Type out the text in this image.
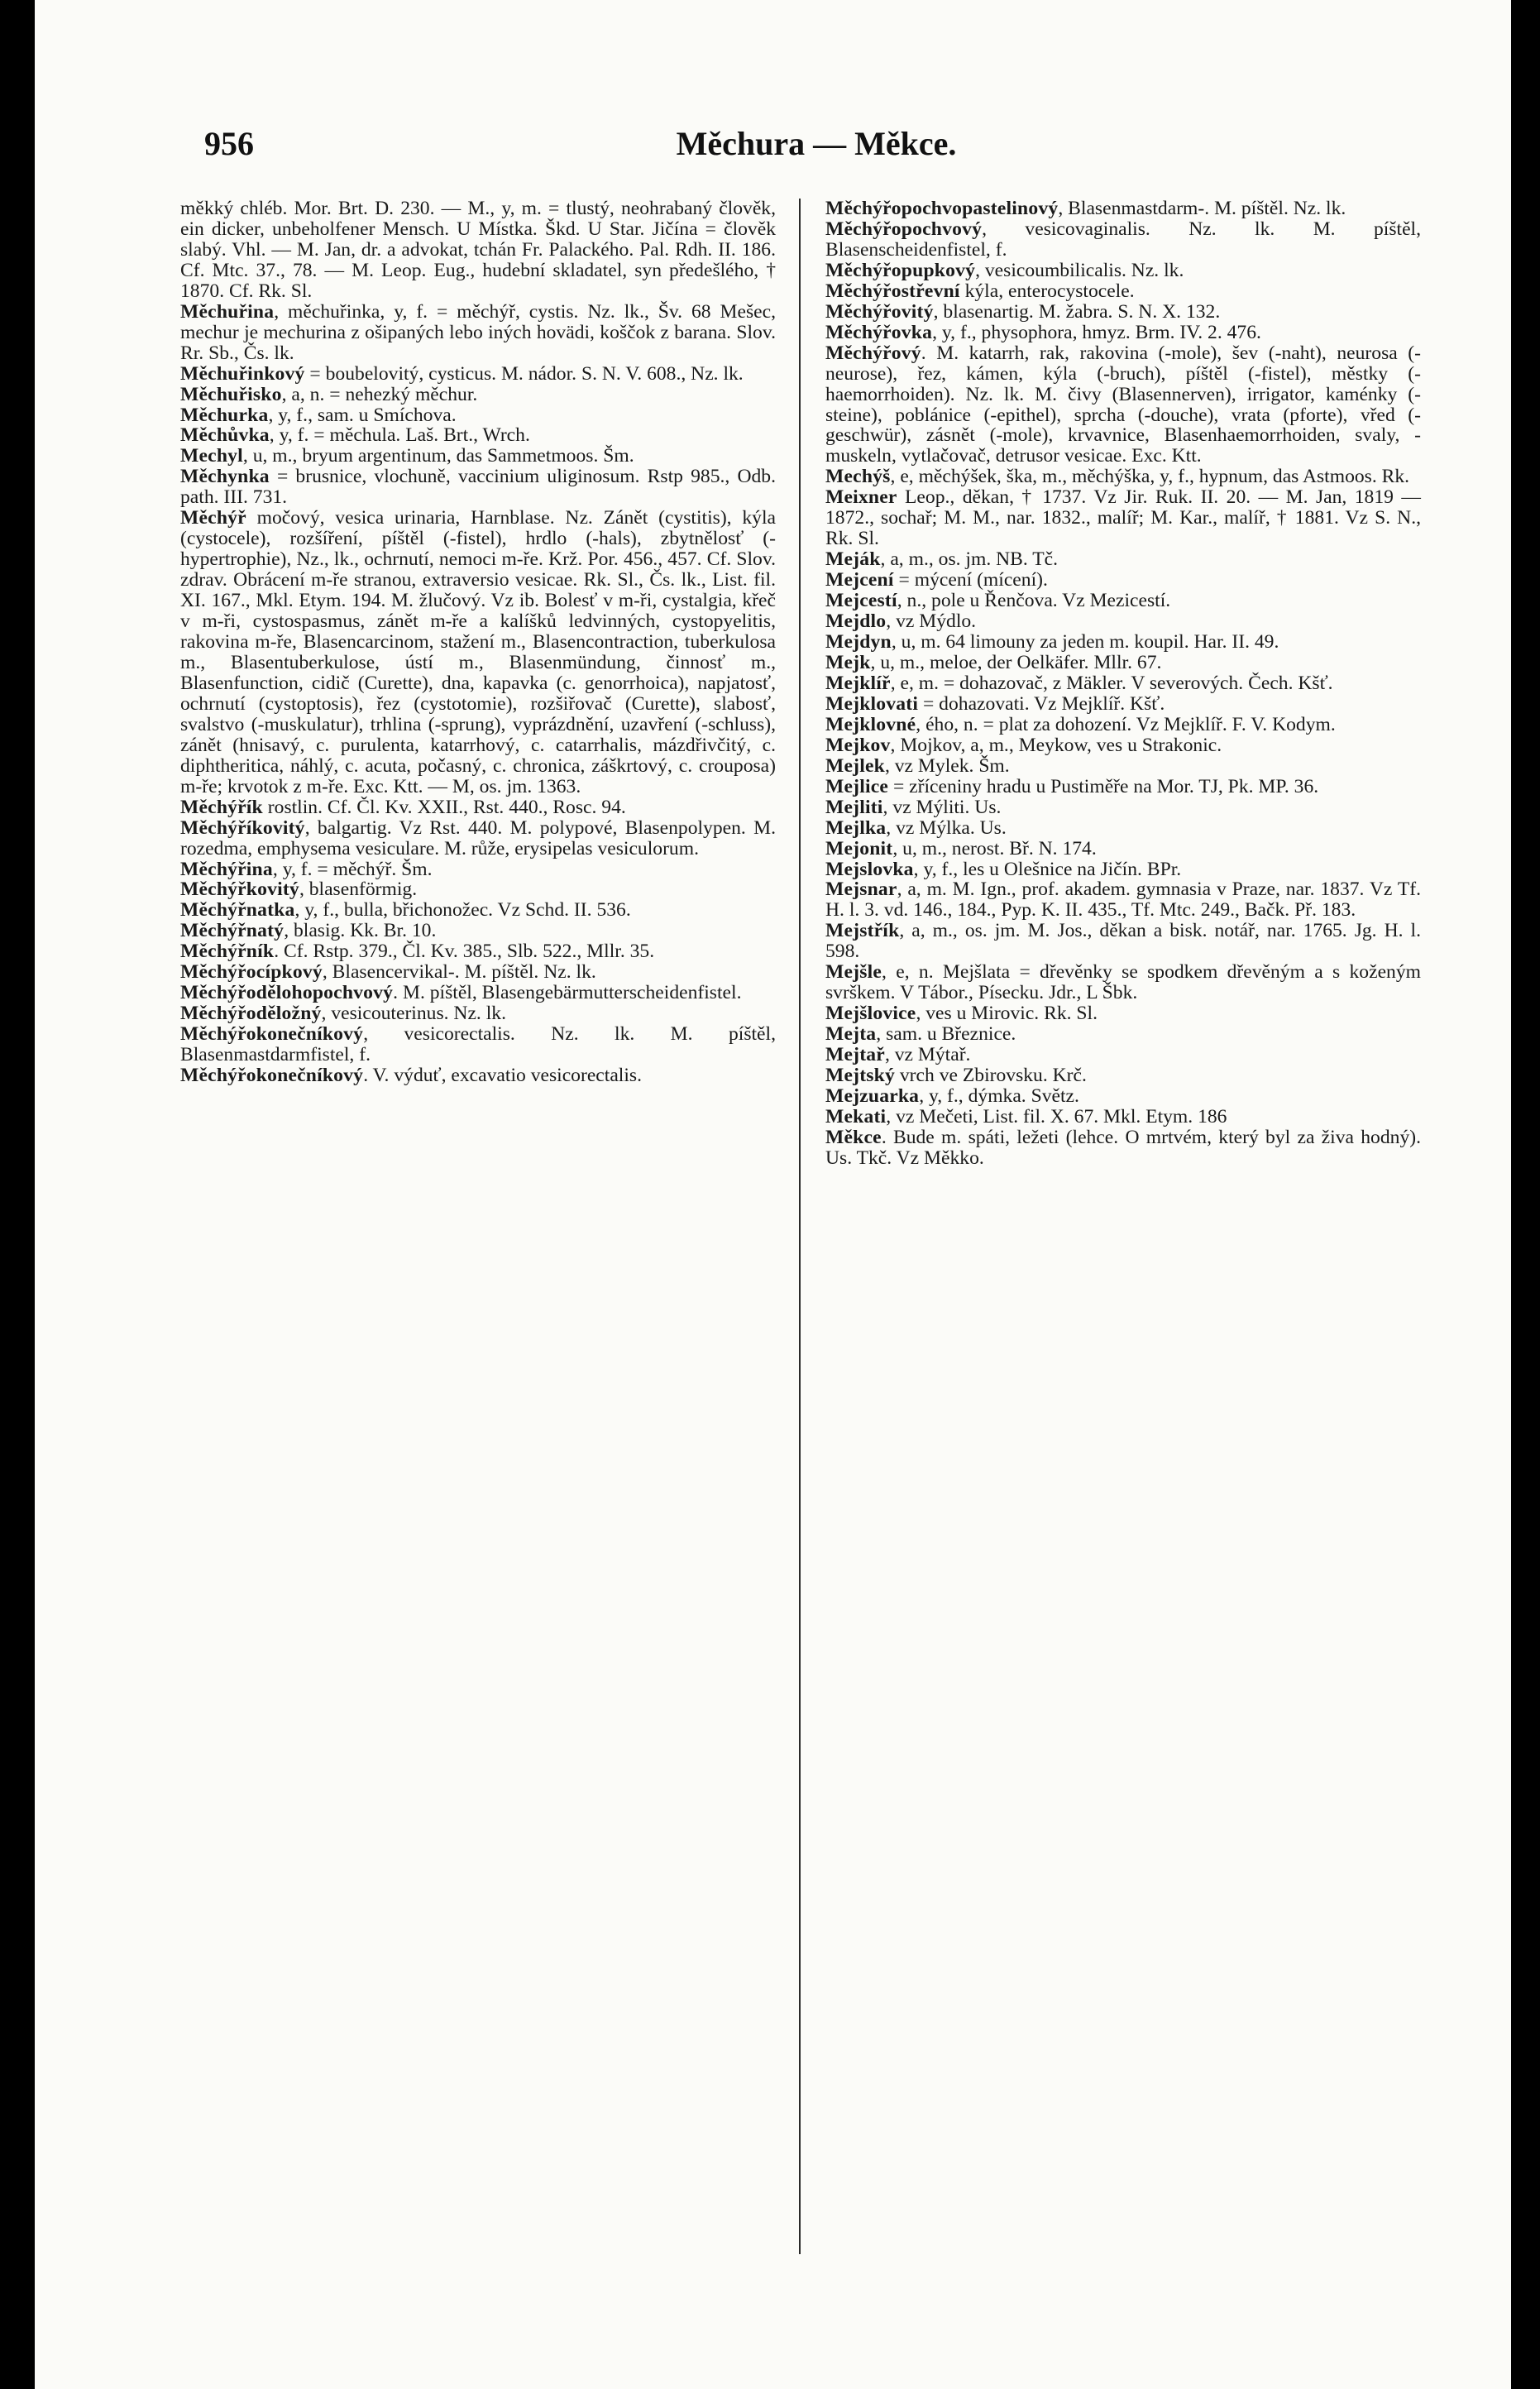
956	Měchura — Měkce.

měkký chléb. Mor. Brt. D. 230. — M., y, m. = tlustý, neohrabaný člověk, ein dicker, unbeholfener Mensch. U Místka. Škd. U Star. Jičína = člověk slabý. Vhl. — M. Jan, dr. a advokat, tchán Fr. Palackého. Pal. Rdh. II. 186. Cf. Mtc. 37., 78. — M. Leop. Eug., hudební skladatel, syn předešlého, † 1870. Cf. Rk. Sl.

Měchuřina, měchuřinka, y, f. = měchýř, cystis. Nz. lk., Šv. 68 Mešec, mechur je mechurina z ošipaných lebo iných hovädi, koščok z barana. Slov. Rr. Sb., Čs. lk.

Měchuřinkový = boubelovitý, cysticus. M. nádor. S. N. V. 608., Nz. lk.

Měchuřisko, a, n. = nehezký měchur.

Měchurka, y, f., sam. u Smíchova.

Měchůvka, y, f. = měchula. Laš. Brt., Wrch.

Mechyl, u, m., bryum argentinum, das Sammetmoos. Šm.

Měchynka = brusnice, vlochuně, vaccinium uliginosum. Rstp 985., Odb. path. III. 731.

Měchýř močový, vesica urinaria, Harnblase. Nz. Zánět (cystitis), kýla (cystocele), rozšíření, píštěl (-fistel), hrdlo (-hals), zbytnělosť (-hypertrophie), Nz., lk., ochrnutí, nemoci m-ře. Krž. Por. 456., 457. Cf. Slov. zdrav. Obrácení m-ře stranou, extraversio vesicae. Rk. Sl., Čs. lk., List. fil. XI. 167., Mkl. Etym. 194. M. žlučový. Vz ib. Bolesť v m-ři, cystalgia, křeč v m-ři, cystospasmus, zánět m-ře a kalíšků ledvinných, cystopyelitis, rakovina m-ře, Blasencarcinom, stažení m., Blasencontraction, tuberkulosa m., Blasentuberkulose, ústí m., Blasenmündung, činnosť m., Blasenfunction, cidič (Curette), dna, kapavka (c. genorrhoica), napjatosť, ochrnutí (cystoptosis), řez (cystotomie), rozšiřovač (Curette), slabosť, svalstvo (-muskulatur), trhlina (-sprung), vyprázdnění, uzavření (-schluss), zánět (hnisavý, c. purulenta, katarrhový, c. catarrhalis, mázdřivčitý, c. diphtheritica, náhlý, c. acuta, počasný, c. chronica, záškrtový, c. crouposa) m-ře; krvotok z m-ře. Exc. Ktt. — M, os. jm. 1363.

Měchýřík rostlin. Cf. Čl. Kv. XXII., Rst. 440., Rosc. 94.

Měchýříkovitý, balgartig. Vz Rst. 440. M. polypové, Blasenpolypen. M. rozedma, emphysema vesiculare. M. růže, erysipelas vesiculorum.

Měchýřina, y, f. = měchýř. Šm.

Měchýřkovitý, blasenförmig.

Měchýřnatka, y, f., bulla, břichonožec. Vz Schd. II. 536.

Měchýřnatý, blasig. Kk. Br. 10.

Měchýřník. Cf. Rstp. 379., Čl. Kv. 385., Slb. 522., Mllr. 35.

Měchýřocípkový, Blasencervikal-. M. píštěl. Nz. lk.

Měchýřodělohopochvový. M. píštěl, Blasengebärmutterscheidenfistel.

Měchýřoděložný, vesicouterinus. Nz. lk.

Měchýřokonečníkový, vesicorectalis. Nz. lk. M. píštěl, Blasenmastdarmfistel, f.

Měchýřokonečníkový. V. výduť, excavatio vesicorectalis.

Měchýřopochvopastelinový, Blasenmastdarm-. M. píštěl. Nz. lk.

Měchýřopochvový, vesicovaginalis. Nz. lk. M. píštěl, Blasenscheidenfistel, f.

Měchýřopupkový, vesicoumbilicalis. Nz. lk.

Měchýřostřevní kýla, enterocystocele.

Měchýřovitý, blasenartig. M. žabra. S. N. X. 132.

Měchýřovka, y, f., physophora, hmyz. Brm. IV. 2. 476.

Měchýřový. M. katarrh, rak, rakovina (-mole), šev (-naht), neurosa (-neurose), řez, kámen, kýla (-bruch), píštěl (-fistel), městky (-haemorrhoiden). Nz. lk. M. čivy (Blasennerven), irrigator, kaménky (-steine), poblánice (-epithel), sprcha (-douche), vrata (pforte), vřed (-geschwür), zásnět (-mole), krvavnice, Blasenhaemorrhoiden, svaly, -muskeln, vytlačovač, detrusor vesicae. Exc. Ktt.

Mechýš, e, měchýšek, ška, m., měchýška, y, f., hypnum, das Astmoos. Rk.

Meixner Leop., děkan, † 1737. Vz Jir. Ruk. II. 20. — M. Jan, 1819 —1872., sochař; M. M., nar. 1832., malíř; M. Kar., malíř, † 1881. Vz S. N., Rk. Sl.

Meják, a, m., os. jm. NB. Tč.

Mejcení = mýcení (mícení).

Mejcestí, n., pole u Řenčova. Vz Mezicestí.

Mejdlo, vz Mýdlo.

Mejdyn, u, m. 64 limouny za jeden m. koupil. Har. II. 49.

Mejk, u, m., meloe, der Oelkäfer. Mllr. 67.

Mejklíř, e, m. = dohazovač, z Mäkler. V severových. Čech. Kšť.

Mejklovati = dohazovati. Vz Mejklíř. Kšť.

Mejklovné, ého, n. = plat za dohození. Vz Mejklíř. F. V. Kodym.

Mejkov, Mojkov, a, m., Meykow, ves u Strakonic.

Mejlek, vz Mylek. Šm.

Mejlice = zříceniny hradu u Pustiměře na Mor. TJ, Pk. MP. 36.

Mejliti, vz Mýliti. Us.

Mejlka, vz Mýlka. Us.

Mejonit, u, m., nerost. Bř. N. 174.

Mejslovka, y, f., les u Olešnice na Jičín. BPr.

Mejsnar, a, m. M. Ign., prof. akadem. gymnasia v Praze, nar. 1837. Vz Tf. H. l. 3. vd. 146., 184., Pyp. K. II. 435., Tf. Mtc. 249., Bačk. Př. 183.

Mejstřík, a, m., os. jm. M. Jos., děkan a bisk. notář, nar. 1765. Jg. H. l. 598.

Mejšle, e, n. Mejšlata = dřevěnky se spodkem dřevěným a s koženým svrškem. V Tábor., Písecku. Jdr., L Šbk.

Mejšlovice, ves u Mirovic. Rk. Sl.

Mejta, sam. u Březnice.

Mejtař, vz Mýtař.

Mejtský vrch ve Zbirovsku. Krč.

Mejzuarka, y, f., dýmka. Světz.

Mekati, vz Mečeti, List. fil. X. 67. Mkl. Etym. 186

Měkce. Bude m. spáti, ležeti (lehce. O mrtvém, který byl za živa hodný). Us. Tkč. Vz Měkko.
